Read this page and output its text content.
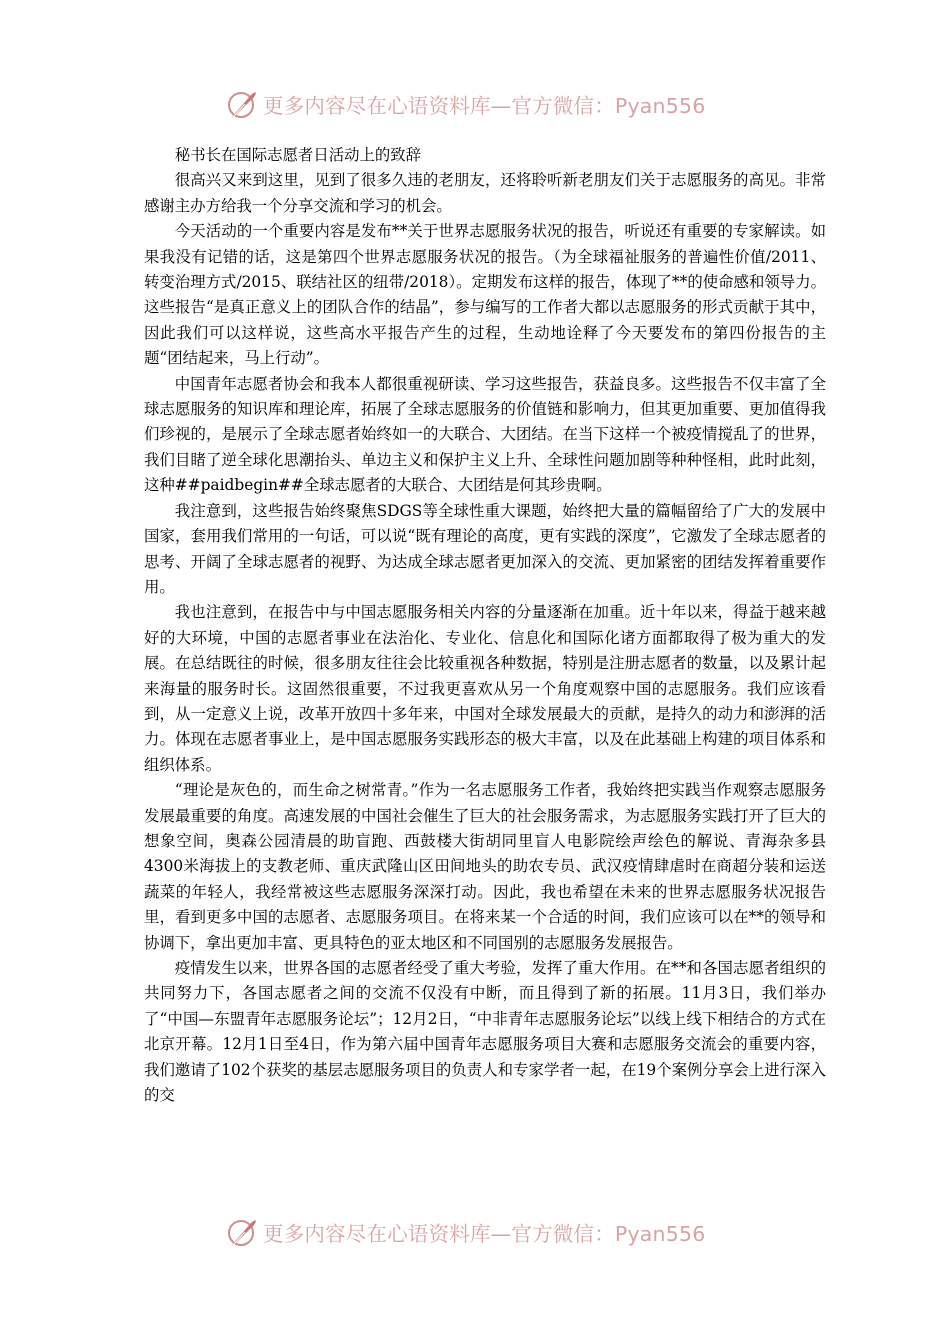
更多内容尽在心语资料库—官方微信：Pyan556

秘书长在国际志愿者日活动上的致辞

很高兴又来到这里，见到了很多久违的老朋友，还将聆听新老朋友们关于志愿服务的高见。非常感谢主办方给我一个分享交流和学习的机会。

今天活动的一个重要内容是发布**关于世界志愿服务状况的报告，听说还有重要的专家解读。如果我没有记错的话，这是第四个世界志愿服务状况的报告。（为全球福祉服务的普遍性价值/2011、转变治理方式/2015、联结社区的纽带/2018）。定期发布这样的报告，体现了**的使命感和领导力。这些报告“是真正意义上的团队合作的结晶”，参与编写的工作者大都以志愿服务的形式贡献于其中，因此我们可以这样说，这些高水平报告产生的过程，生动地诠释了今天要发布的第四份报告的主题“团结起来，马上行动”。

中国青年志愿者协会和我本人都很重视研读、学习这些报告，获益良多。这些报告不仅丰富了全球志愿服务的知识库和理论库，拓展了全球志愿服务的价值链和影响力，但其更加重要、更加值得我们珍视的，是展示了全球志愿者始终如一的大联合、大团结。在当下这样一个被疫情搅乱了的世界，我们目睹了逆全球化思潮抬头、单边主义和保护主义上升、全球性问题加剧等种种怪相，此时此刻，这种##paidbegin##全球志愿者的大联合、大团结是何其珍贵啊。

我注意到，这些报告始终聚焦SDGS等全球性重大课题，始终把大量的篇幅留给了广大的发展中国家，套用我们常用的一句话，可以说“既有理论的高度，更有实践的深度”，它激发了全球志愿者的思考、开阔了全球志愿者的视野、为达成全球志愿者更加深入的交流、更加紧密的团结发挥着重要作用。

我也注意到，在报告中与中国志愿服务相关内容的分量逐渐在加重。近十年以来，得益于越来越好的大环境，中国的志愿者事业在法治化、专业化、信息化和国际化诸方面都取得了极为重大的发展。在总结既往的时候，很多朋友往往会比较重视各种数据，特别是注册志愿者的数量，以及累计起来海量的服务时长。这固然很重要，不过我更喜欢从另一个角度观察中国的志愿服务。我们应该看到，从一定意义上说，改革开放四十多年来，中国对全球发展最大的贡献，是持久的动力和澎湃的活力。体现在志愿者事业上，是中国志愿服务实践形态的极大丰富，以及在此基础上构建的项目体系和组织体系。

“理论是灰色的，而生命之树常青。”作为一名志愿服务工作者，我始终把实践当作观察志愿服务发展最重要的角度。高速发展的中国社会催生了巨大的社会服务需求，为志愿服务实践打开了巨大的想象空间，奥森公园清晨的助盲跑、西鼓楼大街胡同里盲人电影院绘声绘色的解说、青海杂多县4300米海拔上的支教老师、重庆武隆山区田间地头的助农专员、武汉疫情肆虐时在商超分装和运送蔬菜的年轻人，我经常被这些志愿服务深深打动。因此，我也希望在未来的世界志愿服务状况报告里，看到更多中国的志愿者、志愿服务项目。在将来某一个合适的时间，我们应该可以在**的领导和协调下，拿出更加丰富、更具特色的亚太地区和不同国别的志愿服务发展报告。

疫情发生以来，世界各国的志愿者经受了重大考验，发挥了重大作用。在**和各国志愿者组织的共同努力下，各国志愿者之间的交流不仅没有中断，而且得到了新的拓展。11月3日，我们举办了“中国—东盟青年志愿服务论坛”；12月2日，“中非青年志愿服务论坛”以线上线下相结合的方式在北京开幕。12月1日至4日，作为第六届中国青年志愿服务项目大赛和志愿服务交流会的重要内容，我们邀请了102个获奖的基层志愿服务项目的负责人和专家学者一起，在19个案例分享会上进行深入的交

更多内容尽在心语资料库—官方微信：Pyan556
